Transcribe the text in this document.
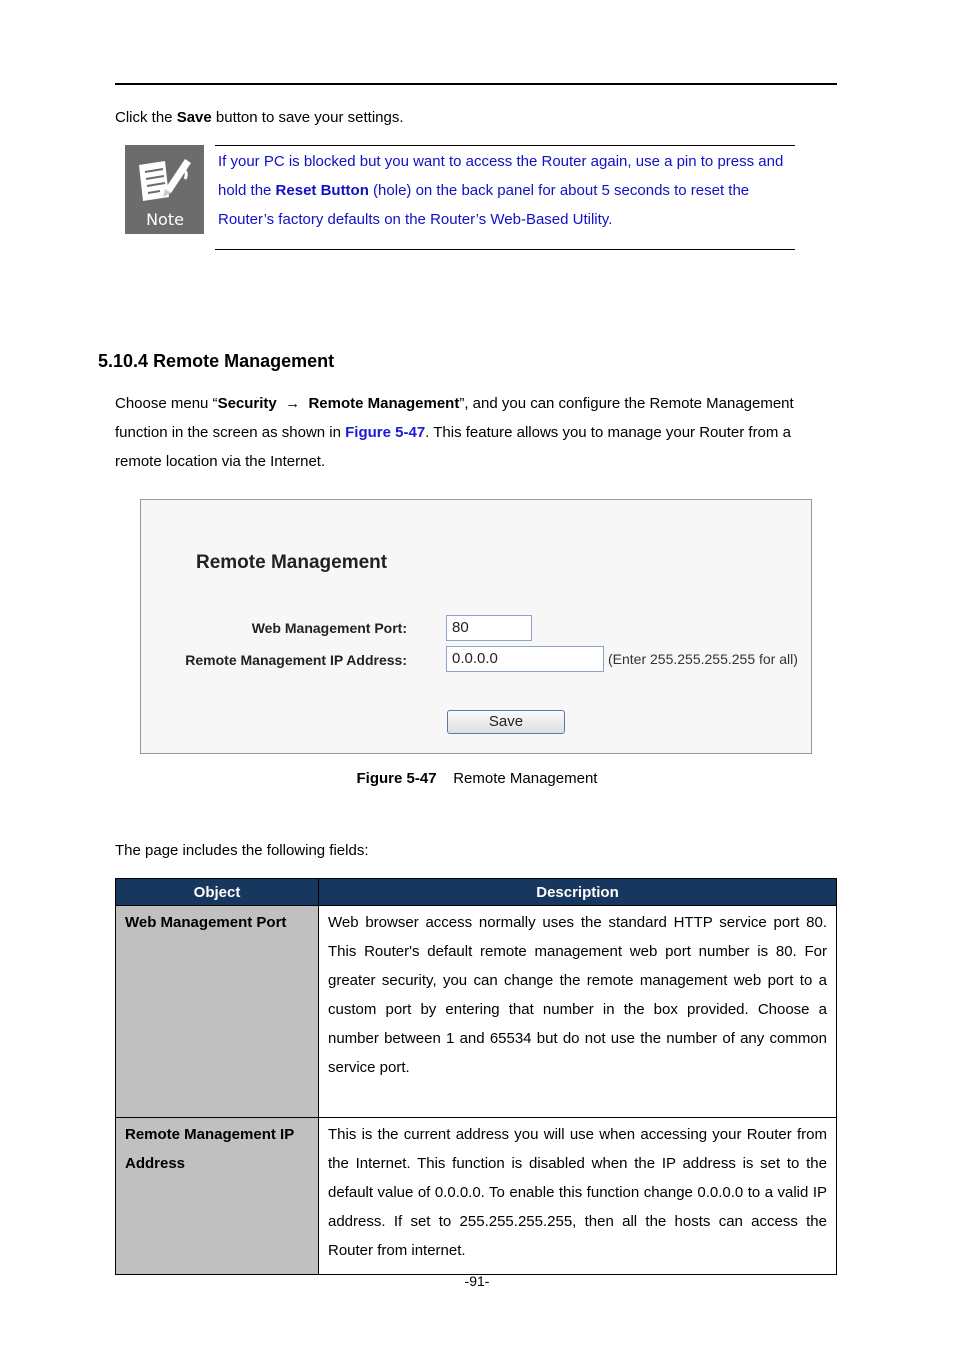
Click the Save button to save your settings.
Note
If your PC is blocked but you want to access the Router again, use a pin to press and hold the Reset Button (hole) on the back panel for about 5 seconds to reset the Router’s factory defaults on the Router’s Web-Based Utility.
5.10.4 Remote Management
Choose menu “Security → Remote Management”, and you can configure the Remote Management function in the screen as shown in Figure 5-47. This feature allows you to manage your Router from a remote location via the Internet.
Remote Management
Web Management Port:	80
Remote Management IP Address:	0.0.0.0	(Enter 255.255.255.255 for all)
Save
Figure 5-47 Remote Management
The page includes the following fields:
Object	Description
Web Management Port	Web browser access normally uses the standard HTTP service port 80. This Router's default remote management web port number is 80. For greater security, you can change the remote management web port to a custom port by entering that number in the box provided. Choose a number between 1 and 65534 but do not use the number of any common service port.
Remote Management IP Address	This is the current address you will use when accessing your Router from the Internet. This function is disabled when the IP address is set to the default value of 0.0.0.0. To enable this function change 0.0.0.0 to a valid IP address. If set to 255.255.255.255, then all the hosts can access the Router from internet.
-91-
